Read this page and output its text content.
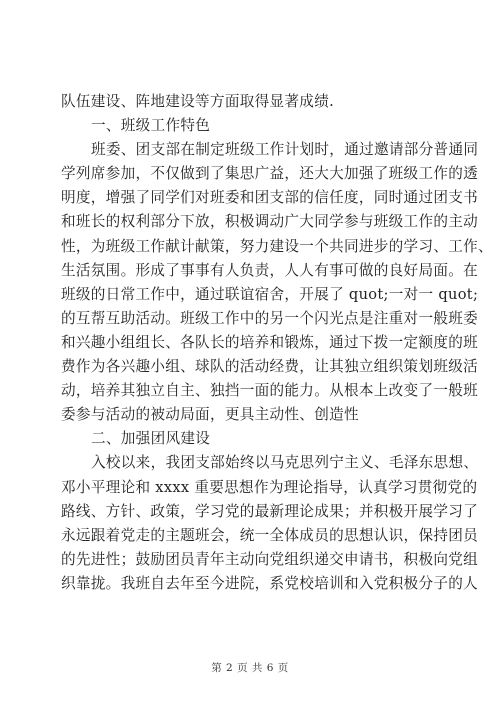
队伍建设、阵地建设等方面取得显著成绩.
一、班级工作特色
班委、团支部在制定班级工作计划时，通过邀请部分普通同
学列席参加，不仅做到了集思广益，还大大加强了班级工作的透
明度，增强了同学们对班委和团支部的信任度，同时通过团支书
和班长的权利部分下放，积极调动广大同学参与班级工作的主动
性，为班级工作献计献策，努力建设一个共同进步的学习、工作、
生活氛围。形成了事事有人负责，人人有事可做的良好局面。在
班级的日常工作中，通过联谊宿舍，开展了 quot;一对一 quot;
的互帮互助活动。班级工作中的另一个闪光点是注重对一般班委
和兴趣小组组长、各队长的培养和锻炼，通过下拨一定额度的班
费作为各兴趣小组、球队的活动经费，让其独立组织策划班级活
动，培养其独立自主、独挡一面的能力。从根本上改变了一般班
委参与活动的被动局面，更具主动性、创造性
二、加强团风建设
入校以来，我团支部始终以马克思列宁主义、毛泽东思想、
邓小平理论和 xxxx 重要思想作为理论指导，认真学习贯彻党的
路线、方针、政策，学习党的最新理论成果；并积极开展学习了
永远跟着党走的主题班会，统一全体成员的思想认识，保持团员
的先进性；鼓励团员青年主动向党组织递交申请书，积极向党组
织靠拢。我班自去年至今进院，系党校培训和入党积极分子的人
第 2 页 共 6 页
